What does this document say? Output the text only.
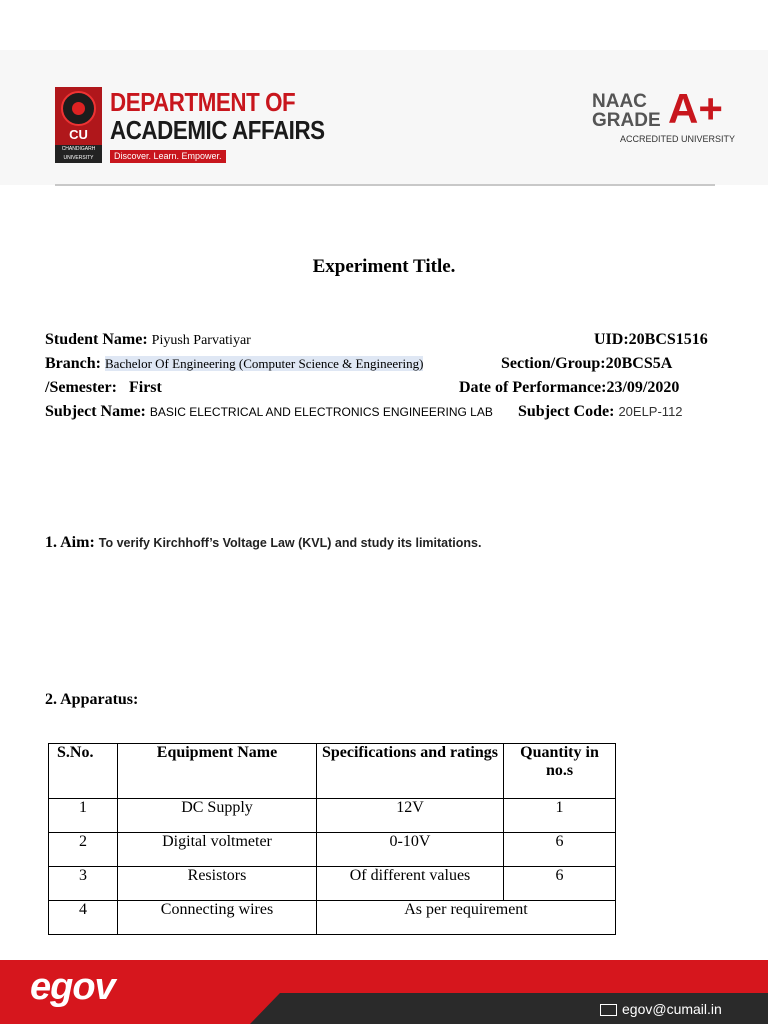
CU
CHANDIGARH UNIVERSITY
DEPARTMENT OF
ACADEMIC AFFAIRS
Discover. Learn. Empower.
NAAC
GRADE A+
ACCREDITED UNIVERSITY
Experiment Title.
Student Name: Piyush Parvatiyar	UID:20BCS1516
Branch: Bachelor Of Engineering (Computer Science & Engineering)	Section/Group:20BCS5A
/Semester: First	Date of Performance:23/09/2020
Subject Name: BASIC ELECTRICAL AND ELECTRONICS ENGINEERING LAB Subject Code: 20ELP-112
1. Aim: To verify Kirchhoff’s Voltage Law (KVL) and study its limitations.
2. Apparatus:
S.No.	Equipment Name	Specifications and ratings	Quantity in no.s
1	DC Supply	12V	1
2	Digital voltmeter	0-10V	6
3	Resistors	Of different values	6
4	Connecting wires	As per requirement	
egov
egov@cumail.in
